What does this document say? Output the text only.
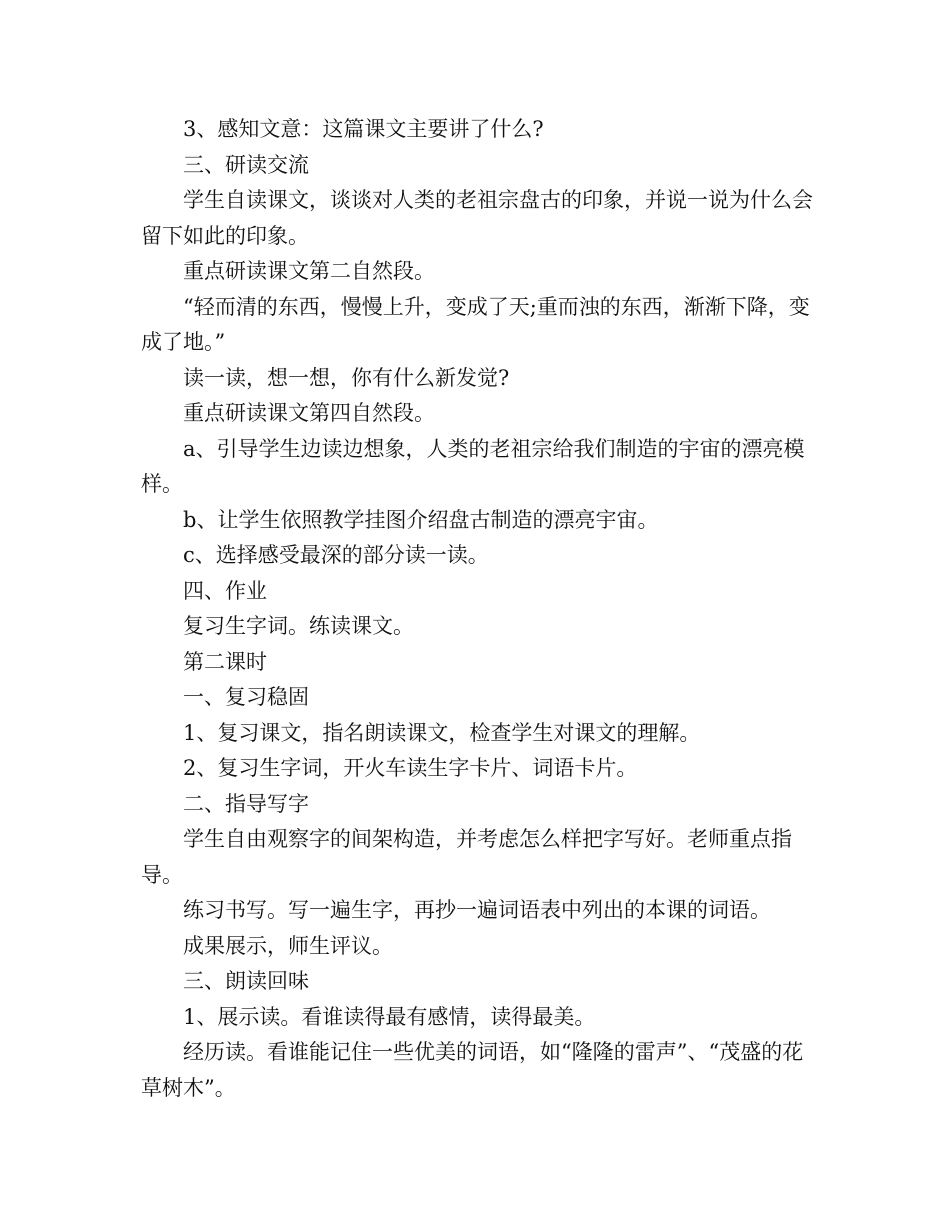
3、感知文意：这篇课文主要讲了什么?

三、研读交流

学生自读课文，谈谈对人类的老祖宗盘古的印象，并说一说为什么会留下如此的印象。

重点研读课文第二自然段。

“轻而清的东西，慢慢上升，变成了天;重而浊的东西，渐渐下降，变成了地。”

读一读，想一想，你有什么新发觉?

重点研读课文第四自然段。

a、引导学生边读边想象，人类的老祖宗给我们制造的宇宙的漂亮模样。

b、让学生依照教学挂图介绍盘古制造的漂亮宇宙。

c、选择感受最深的部分读一读。

四、作业

复习生字词。练读课文。

第二课时

一、复习稳固

1、复习课文，指名朗读课文，检查学生对课文的理解。

2、复习生字词，开火车读生字卡片、词语卡片。

二、指导写字

学生自由观察字的间架构造，并考虑怎么样把字写好。老师重点指导。

练习书写。写一遍生字，再抄一遍词语表中列出的本课的词语。

成果展示，师生评议。

三、朗读回味

1、展示读。看谁读得最有感情，读得最美。

经历读。看谁能记住一些优美的词语，如“隆隆的雷声”、“茂盛的花草树木”。
